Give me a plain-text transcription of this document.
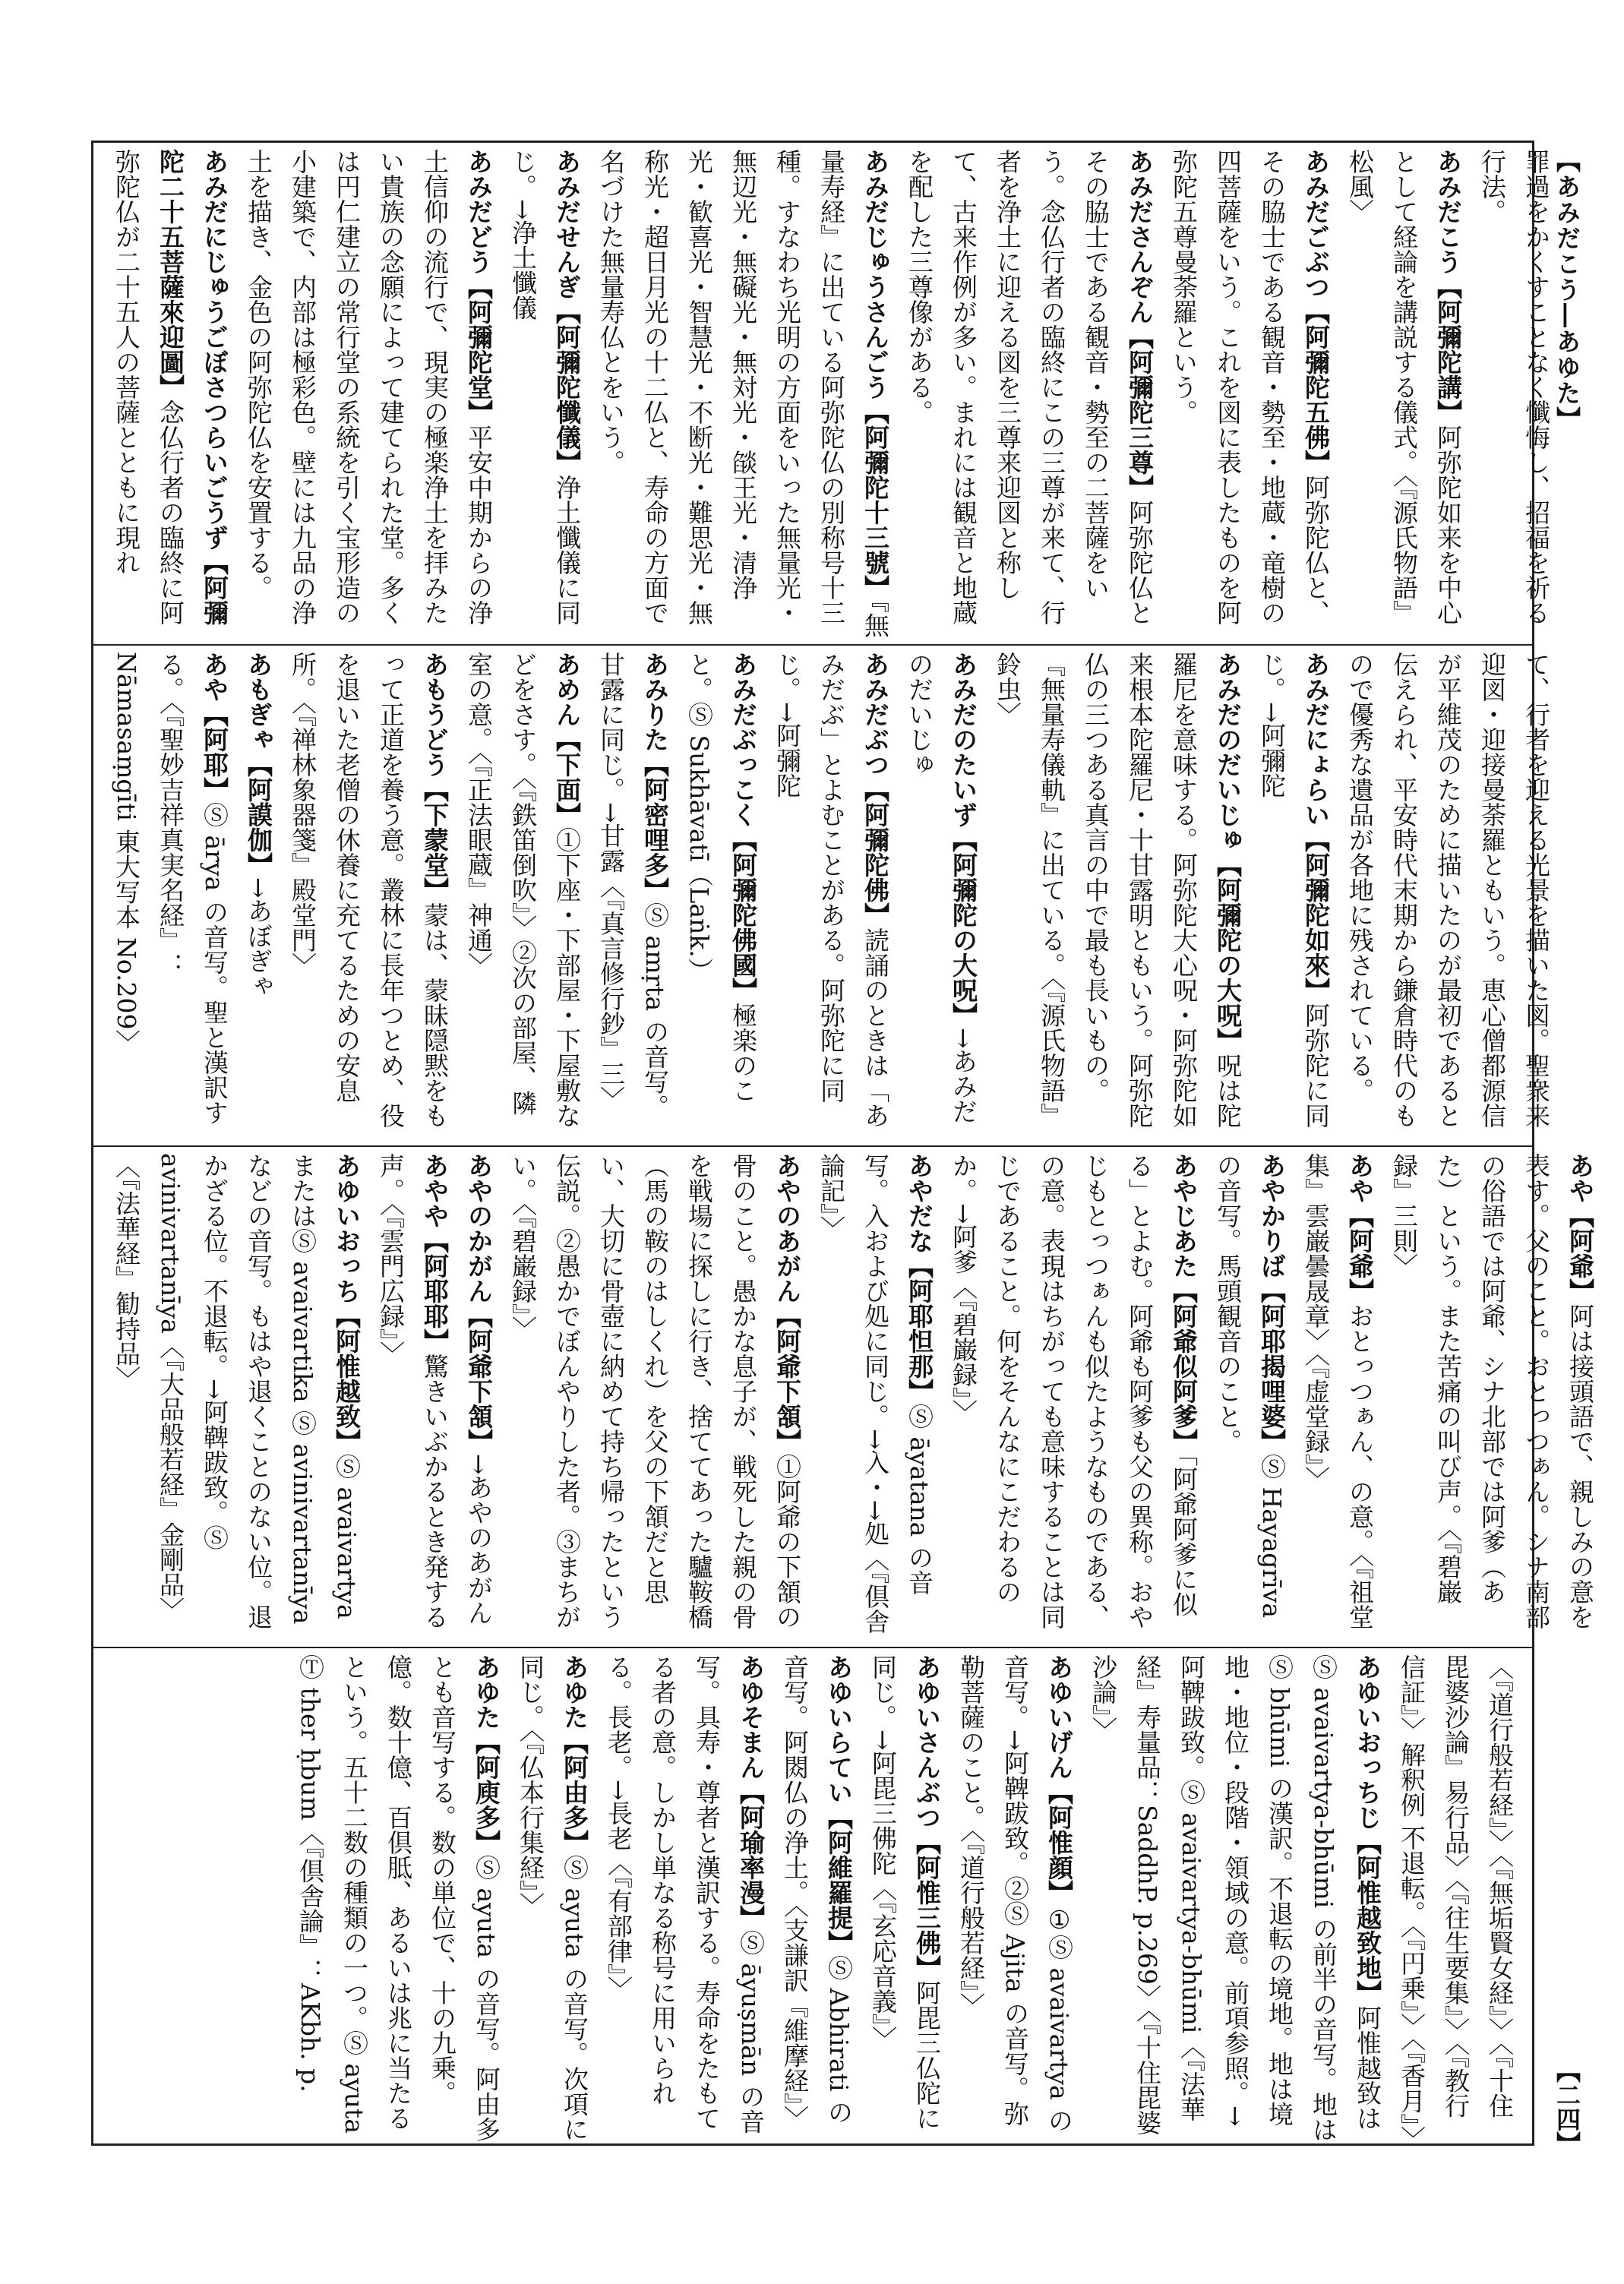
【あみだこう―あゆた】
【二四】
罪過をかくすことなく懺悔し、招福を祈る行法。あみだこう【阿彌陀講】阿弥陀如来を中心として経論を講説する儀式。〈『源氏物語』松風〉あみだごぶつ【阿彌陀五佛】阿弥陀仏と、その脇士である観音・勢至・地蔵・竜樹の四菩薩をいう。これを図に表したものを阿弥陀五尊曼荼羅という。あみださんぞん【阿彌陀三尊】阿弥陀仏とその脇士である観音・勢至の二菩薩をいう。念仏行者の臨終にこの三尊が来て、行者を浄土に迎える図を三尊来迎図と称して、古来作例が多い。まれには観音と地蔵を配した三尊像がある。あみだじゅうさんごう【阿彌陀十三號】『無量寿経』に出ている阿弥陀仏の別称号十三種。すなわち光明の方面をいった無量光・無辺光・無礙光・無対光・燄王光・清浄光・歓喜光・智慧光・不断光・難思光・無称光・超日月光の十二仏と、寿命の方面で名づけた無量寿仏とをいう。あみだせんぎ【阿彌陀懺儀】浄土懺儀に同じ。→浄土懺儀あみだどう【阿彌陀堂】平安中期からの浄土信仰の流行で、現実の極楽浄土を拝みたい貴族の念願によって建てられた堂。多くは円仁建立の常行堂の系統を引く宝形造の小建築で、内部は極彩色。壁には九品の浄土を描き、金色の阿弥陀仏を安置する。あみだにじゅうごぼさつらいごうず【阿彌陀二十五菩薩來迎圖】念仏行者の臨終に阿弥陀仏が二十五人の菩薩とともに現れ
て、行者を迎える光景を描いた図。聖衆来迎図・迎接曼荼羅ともいう。恵心僧都源信が平維茂のために描いたのが最初であると伝えられ、平安時代末期から鎌倉時代のもので優秀な遺品が各地に残されている。あみだにょらい【阿彌陀如來】阿弥陀に同じ。→阿彌陀あみだのだいじゅ【阿彌陀の大呪】呪は陀羅尼を意味する。阿弥陀大心呪・阿弥陀如来根本陀羅尼・十甘露明ともいう。阿弥陀仏の三つある真言の中で最も長いもの。『無量寿儀軌』に出ている。〈『源氏物語』鈴虫〉あみだのたいず【阿彌陀の大呪】→あみだのだいじゅあみだぶつ【阿彌陀佛】読誦のときは「あみだぶ」とよむことがある。阿弥陀に同じ。→阿彌陀あみだぶっこく【阿彌陀佛國】極楽のこと。Ⓢ Sukhāvatī（Laṅk.）あみりた【阿密哩多】Ⓢ amṛta の音写。甘露に同じ。→甘露〈『真言修行鈔』三〉あめん【下面】①下座・下部屋・下屋敷などをさす。〈『鉄笛倒吹』〉②次の部屋、隣室の意。〈『正法眼蔵』神通〉あもうどう【下蒙堂】蒙は、蒙昧隠黙をもって正道を養う意。叢林に長年つとめ、役を退いた老僧の休養に充てるための安息所。〈『禅林象器箋』殿堂門〉あもぎゃ【阿謨伽】→あぼぎゃあや【阿耶】Ⓢ ārya の音写。聖と漢訳する。〈『聖妙吉祥真実名経』：Nāmasaṃgīti 東大写本 No.209〉
あや【阿爺】阿は接頭語で、親しみの意を表す。父のこと。おとっつぁん。シナ南部の俗語では阿爺、シナ北部では阿爹（あた）という。また苦痛の叫び声。〈『碧巌録』三則〉あや【阿爺】おとっつぁん、の意。〈『祖堂集』雲巌曇晟章〉〈『虚堂録』〉あやかりば【阿耶揭哩婆】Ⓢ Hayagrīva の音写。馬頭観音のこと。あやじあた【阿爺似阿爹】「阿爺阿爹に似る」とよむ。阿爺も阿爹も父の異称。おやじもとっつぁんも似たようなものである、の意。表現はちがっても意味することは同じであること。何をそんなにこだわるのか。→阿爹〈『碧巌録』〉あやだな【阿耶怛那】Ⓢ āyatana の音写。入および処に同じ。→入・→処〈『倶舎論記』〉あやのあがん【阿爺下頷】①阿爺の下頷の骨のこと。愚かな息子が、戦死した親の骨を戦場に探しに行き、捨ててあった驢鞍橋（馬の鞍のはしくれ）を父の下頷だと思い、大切に骨壺に納めて持ち帰ったという伝説。②愚かでぼんやりした者。③まちがい。〈『碧巌録』〉あやのかがん【阿爺下頷】→あやのあがんあやや【阿耶耶】驚きいぶかるとき発する声。〈『雲門広録』〉あゆいおっち【阿惟越致】Ⓢ avaivartya またはⓈ avaivartika Ⓢ avinivartanīya などの音写。もはや退くことのない位。退かざる位。不退転。→阿鞞跋致。Ⓢ avinivartanīya〈『大品般若経』金剛品〉〈『法華経』勧持品〉
〈『道行般若経』〉〈『無垢賢女経』〉〈『十住毘婆沙論』易行品〉〈『往生要集』〉〈『教行信証』〉解釈例 不退転。〈『円乗』〉〈『香月』〉あゆいおっちじ【阿惟越致地】阿惟越致はⓈ avaivartya-bhūmi の前半の音写。地はⓈ bhūmi の漢訳。不退転の境地。地は境地・地位・段階・領域の意。前項参照。→阿鞞跋致。Ⓢ avaivartya-bhūmi〈『法華経』寿量品：SaddhP. p.269〉〈『十住毘婆沙論』〉あゆいげん【阿惟顔】①Ⓢ avaivartya の音写。→阿鞞跋致。②Ⓢ Ajita の音写。弥勒菩薩のこと。〈『道行般若経』〉あゆいさんぶつ【阿惟三佛】阿毘三仏陀に同じ。→阿毘三佛陀〈『玄応音義』〉あゆいらてい【阿維羅提】Ⓢ Abhirati の音写。阿閦仏の浄土。〈支謙訳『維摩経』〉あゆそまん【阿瑜率漫】Ⓢ āyuṣmān の音写。具寿・尊者と漢訳する。寿命をたもてる者の意。しかし単なる称号に用いられる。長老。→長老〈『有部律』〉あゆた【阿由多】Ⓢ ayuta の音写。次項に同じ。〈『仏本行集経』〉あゆた【阿庾多】Ⓢ ayuta の音写。阿由多とも音写する。数の単位で、十の九乗。億。数十億、百倶胝、あるいは兆に当たるという。五十二数の種類の一つ。Ⓢ ayuta Ⓣ ther ḥbum〈『倶舎論』：AKbh. p.
